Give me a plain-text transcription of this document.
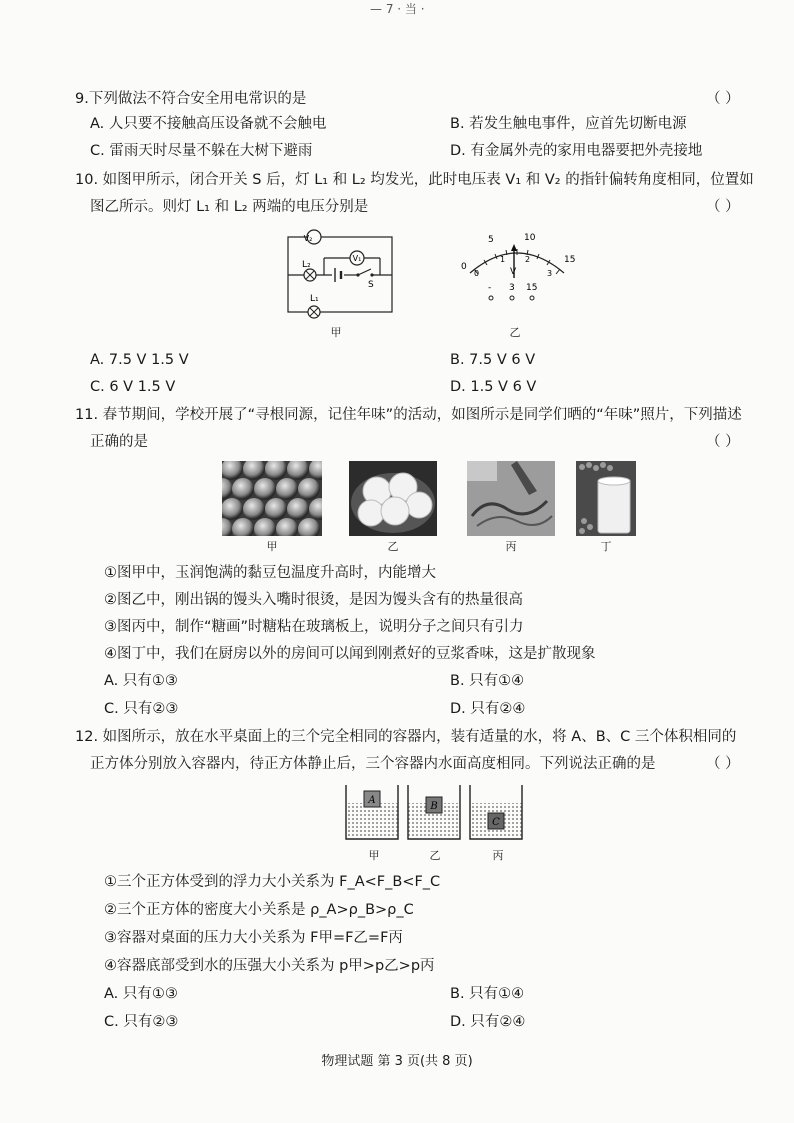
— 7 · 当 ·
9.下列做法不符合安全用电常识的是	（ ）
A. 人只要不接触高压设备就不会触电	B. 若发生触电事件，应首先切断电源
C. 雷雨天时尽量不躲在大树下避雨	D. 有金属外壳的家用电器要把外壳接地
10. 如图甲所示，闭合开关 S 后，灯 L₁ 和 L₂ 均发光，此时电压表 V₁ 和 V₂ 的指针偏转角度相同，位置如
图乙所示。则灯 L₁ 和 L₂ 两端的电压分别是	（ ）
V₂
V₁
L₂
L₁
S
甲
0
5	10
15
0
1 2
3
V
- 3 15
乙
A. 7.5 V 1.5 V	B. 7.5 V 6 V
C. 6 V 1.5 V	D. 1.5 V 6 V
11. 春节期间，学校开展了“寻根同源，记住年味”的活动，如图所示是同学们晒的“年味”照片，下列描述
正确的是	（ ）
甲	乙	丙	丁
①图甲中，玉润饱满的黏豆包温度升高时，内能增大
②图乙中，刚出锅的馒头入嘴时很烫，是因为馒头含有的热量很高
③图丙中，制作“糖画”时糖粘在玻璃板上，说明分子之间只有引力
④图丁中，我们在厨房以外的房间可以闻到刚煮好的豆浆香味，这是扩散现象
A. 只有①③	B. 只有①④
C. 只有②③	D. 只有②④
12. 如图所示，放在水平桌面上的三个完全相同的容器内，装有适量的水，将 A、B、C 三个体积相同的
正方体分别放入容器内，待正方体静止后，三个容器内水面高度相同。下列说法正确的是	（ ）
A
B
C
甲	乙	丙
①三个正方体受到的浮力大小关系为 F_A<F_B<F_C
②三个正方体的密度大小关系是 ρ_A>ρ_B>ρ_C
③容器对桌面的压力大小关系为 F甲=F乙=F丙
④容器底部受到水的压强大小关系为 p甲>p乙>p丙
A. 只有①③	B. 只有①④
C. 只有②③	D. 只有②④
物理试题 第 3 页(共 8 页)
